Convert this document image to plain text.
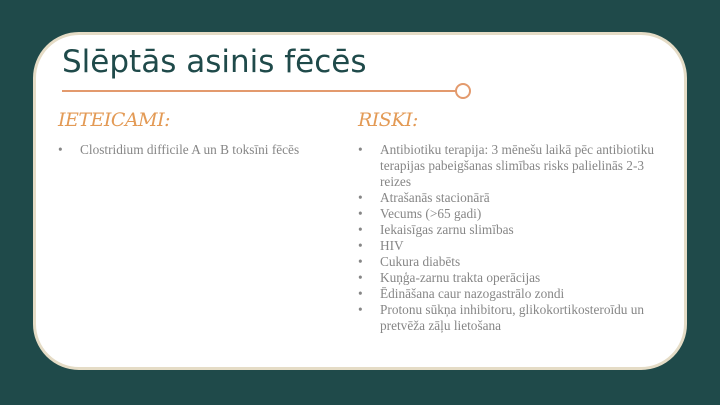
Slēptās asinis fēcēs
IETEICAMI:
• Clostridium difficile A un B toksīni fēcēs
RISKI:
• Antibiotiku terapija: 3 mēnešu laikā pēc antibiotiku terapijas pabeigšanas slimības risks palielinās 2-3 reizes
• Atrašanās stacionārā
• Vecums (>65 gadi)
• Iekaisīgas zarnu slimības
• HIV
• Cukura diabēts
• Kuņģa-zarnu trakta operācijas
• Ēdināšana caur nazogastrālo zondi
• Protonu sūkņa inhibitoru, glikokortikosteroīdu un pretvēža zāļu lietošana
